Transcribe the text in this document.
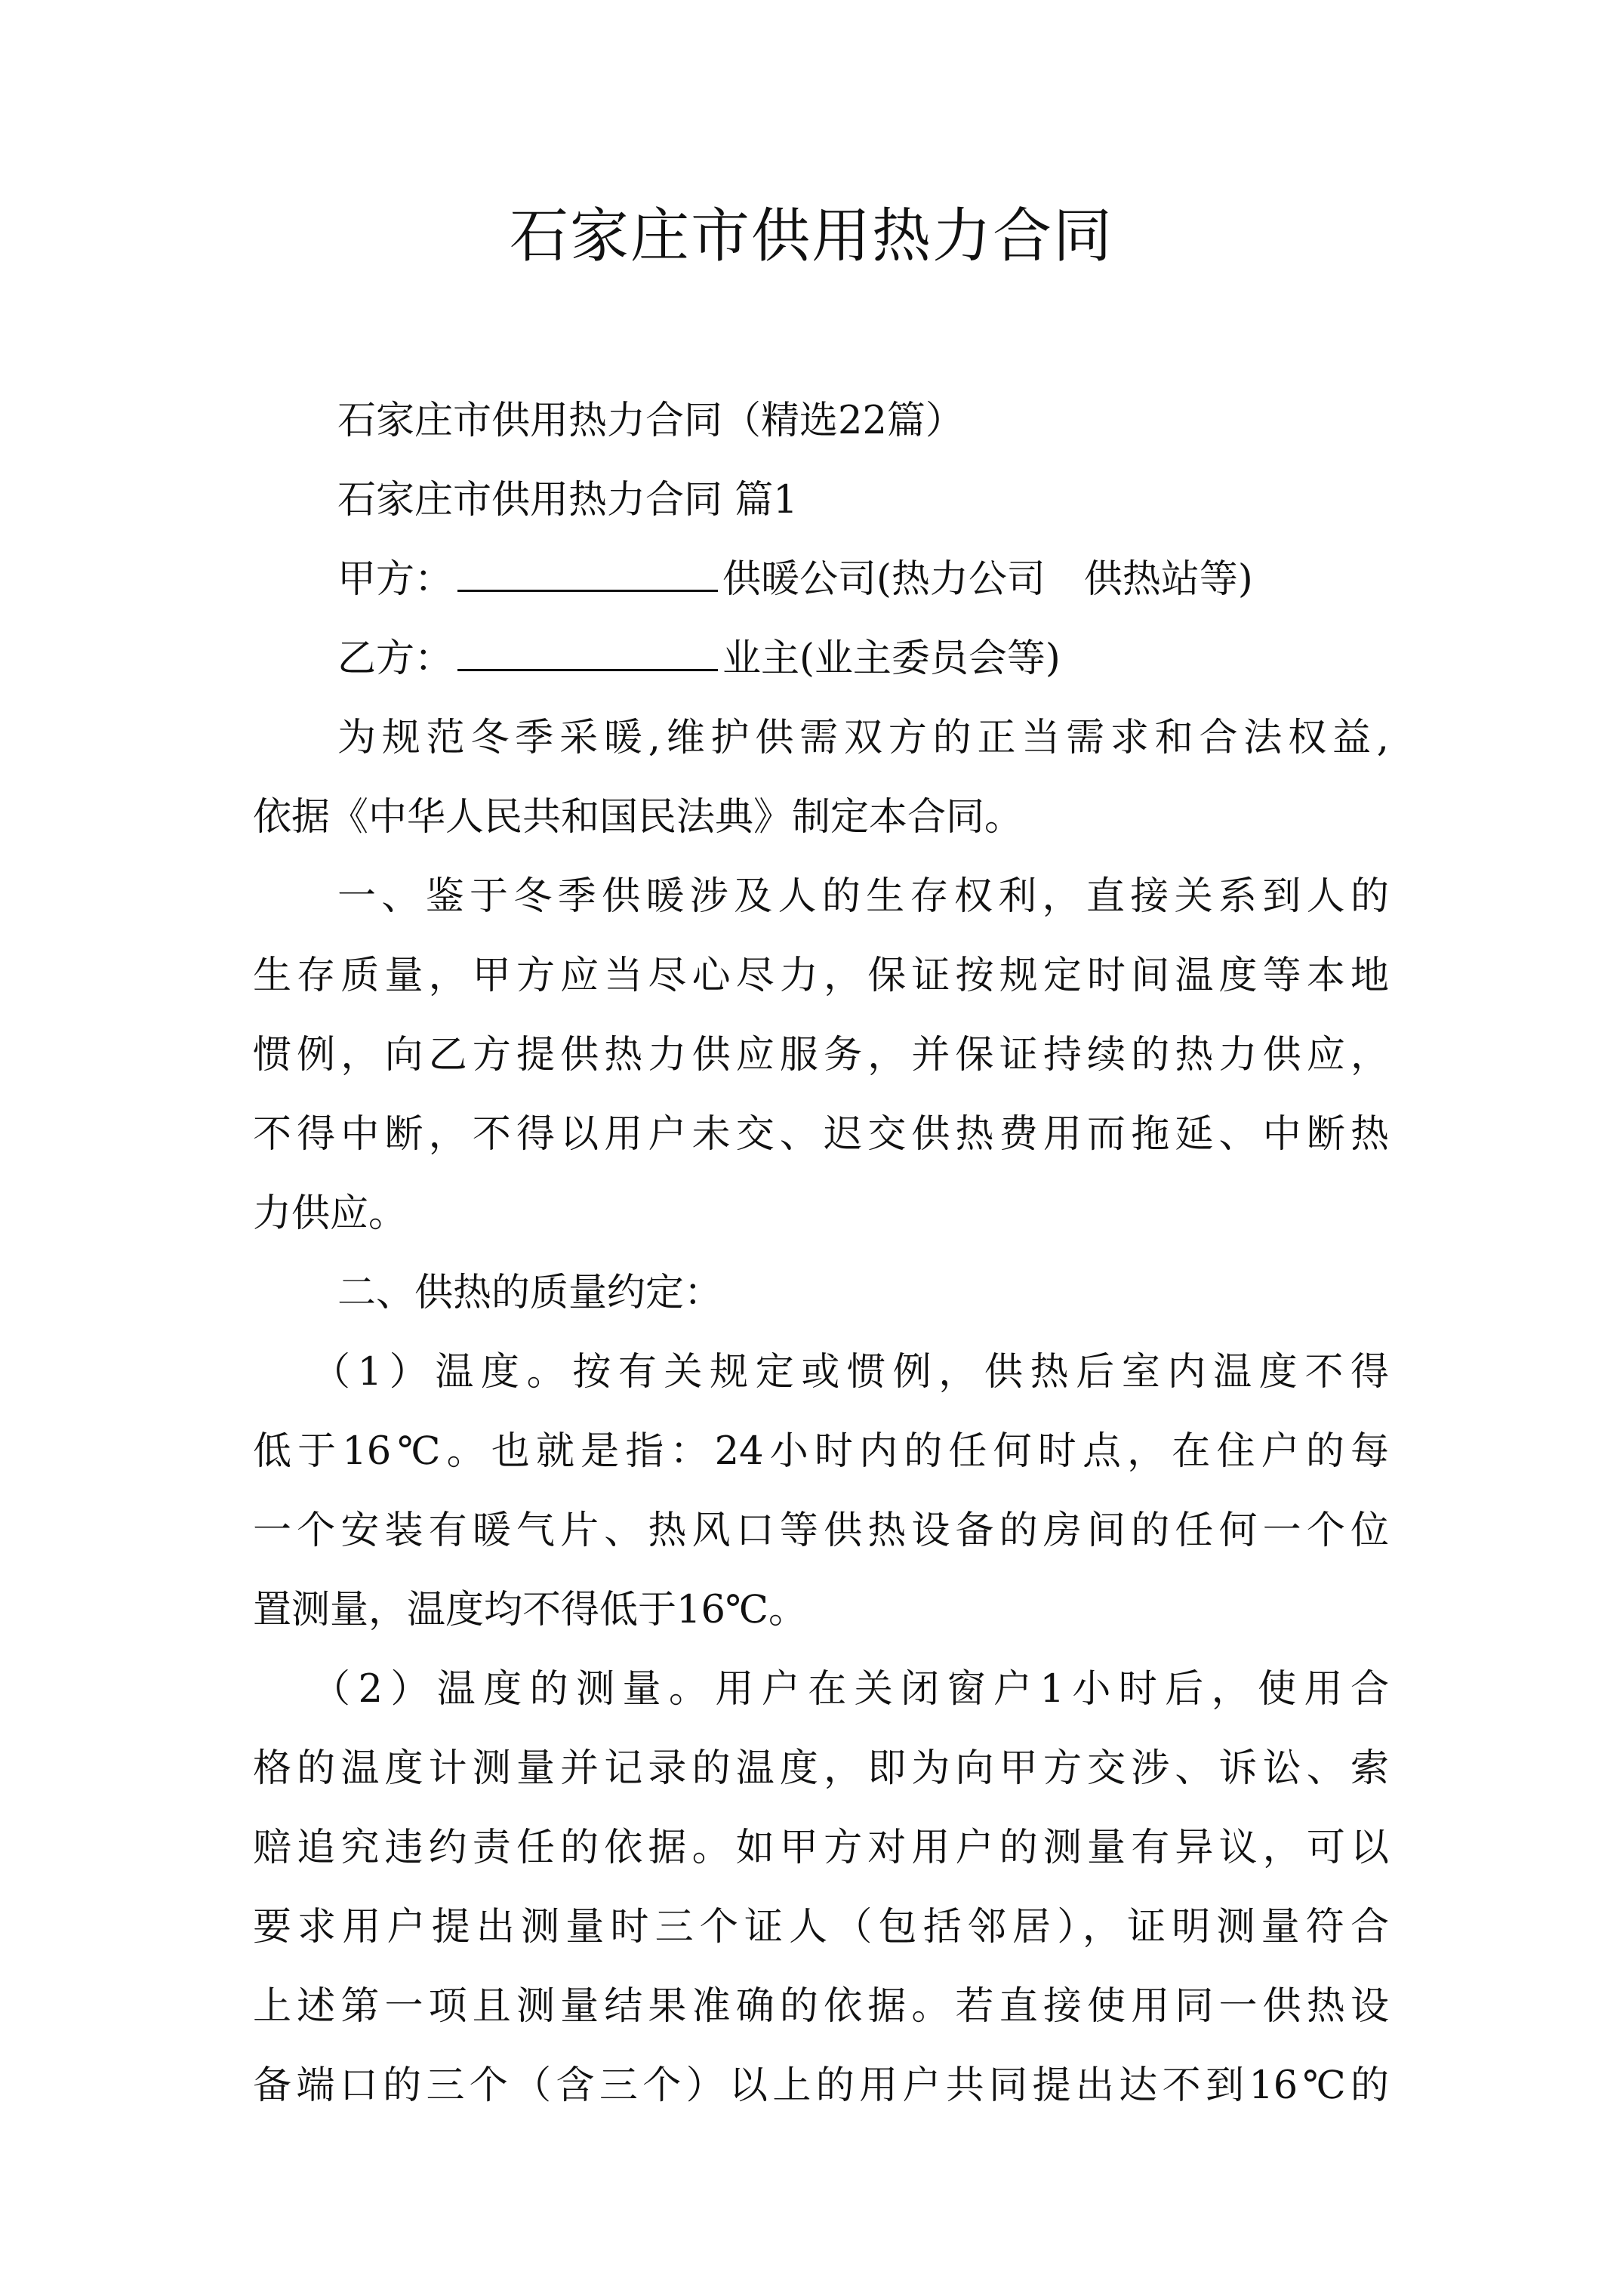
石家庄市供用热力合同
石家庄市供用热力合同（精选22篇）
石家庄市供用热力合同 篇1
甲方：	供暖公司(热力公司　供热站等)
乙方：	业主(业主委员会等)
为规范冬季采暖,维护供需双方的正当需求和合法权益,
依据《中华人民共和国民法典》制定本合同。
一、鉴于冬季供暖涉及人的生存权利，直接关系到人的
生存质量，甲方应当尽心尽力，保证按规定时间温度等本地
惯例，向乙方提供热力供应服务，并保证持续的热力供应，
不得中断，不得以用户未交、迟交供热费用而拖延、中断热
力供应。
二、供热的质量约定：
（1）温度。按有关规定或惯例，供热后室内温度不得
低于16℃。也就是指：24小时内的任何时点，在住户的每
一个安装有暖气片、热风口等供热设备的房间的任何一个位
置测量，温度均不得低于16℃。
（2）温度的测量。用户在关闭窗户1小时后，使用合
格的温度计测量并记录的温度，即为向甲方交涉、诉讼、索
赔追究违约责任的依据。如甲方对用户的测量有异议，可以
要求用户提出测量时三个证人（包括邻居），证明测量符合
上述第一项且测量结果准确的依据。若直接使用同一供热设
备端口的三个（含三个）以上的用户共同提出达不到16℃的
